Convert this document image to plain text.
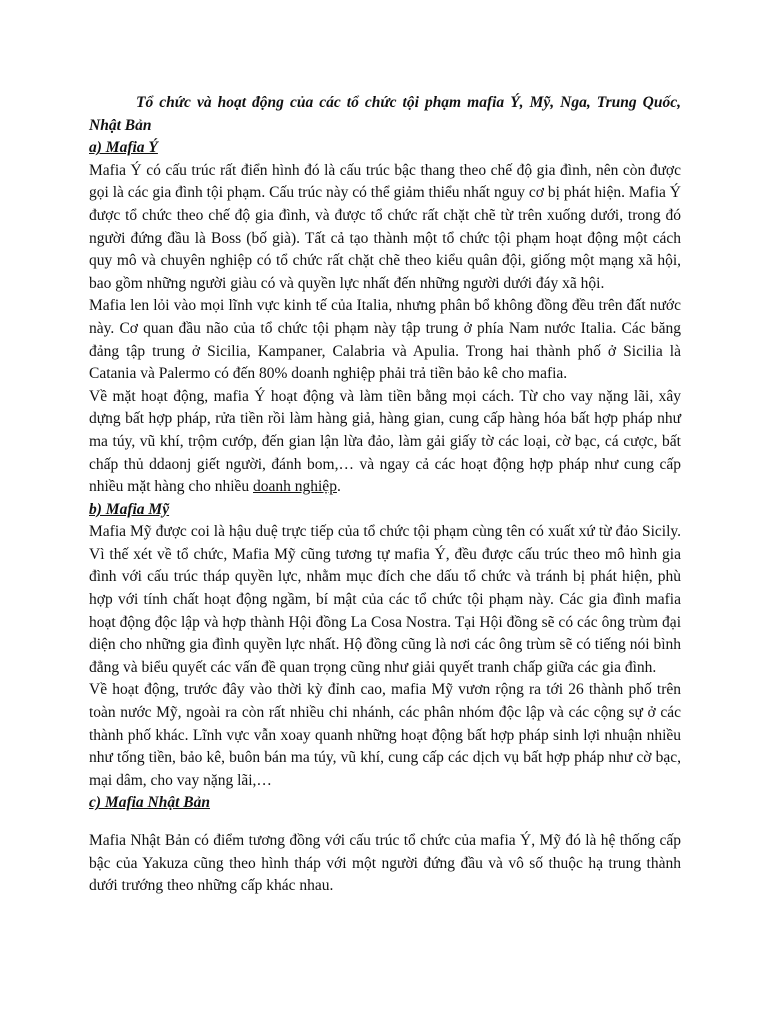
Tổ chức và hoạt động của các tổ chức tội phạm mafia Ý, Mỹ, Nga, Trung Quốc, Nhật Bản

a) Mafia Ý

Mafia Ý có cấu trúc rất điển hình đó là cấu trúc bậc thang theo chế độ gia đình, nên còn được gọi là các gia đình tội phạm. Cấu trúc này có thể giảm thiểu nhất nguy cơ bị phát hiện. Mafia Ý được tổ chức theo chế độ gia đình, và được tổ chức rất chặt chẽ từ trên xuống dưới, trong đó người đứng đầu là Boss (bố già). Tất cả tạo thành một tổ chức tội phạm hoạt động một cách quy mô và chuyên nghiệp có tổ chức rất chặt chẽ theo kiểu quân đội, giống một mạng xã hội, bao gồm những người giàu có và quyền lực nhất đến những người dưới đáy xã hội.

Mafia len lỏi vào mọi lĩnh vực kinh tế của Italia, nhưng phân bổ không đồng đều trên đất nước này. Cơ quan đầu não của tổ chức tội phạm này tập trung ở phía Nam nước Italia. Các băng đảng tập trung ở Sicilia, Kampaner, Calabria và Apulia. Trong hai thành phố ở Sicilia là Catania và Palermo có đến 80% doanh nghiệp phải trả tiền bảo kê cho mafia.

Về mặt hoạt động, mafia Ý hoạt động và làm tiền bằng mọi cách. Từ cho vay nặng lãi, xây dựng bất hợp pháp, rửa tiền rồi làm hàng giả, hàng gian, cung cấp hàng hóa bất hợp pháp như ma túy, vũ khí, trộm cướp, đến gian lận lừa đảo, làm gải giấy tờ các loại, cờ bạc, cá cược, bất chấp thủ ddaonj giết người, đánh bom,… và ngay cả các hoạt động hợp pháp như cung cấp nhiều mặt hàng cho nhiều doanh nghiệp.

b) Mafia Mỹ

Mafia Mỹ được coi là hậu duệ trực tiếp của tổ chức tội phạm cùng tên có xuất xứ từ đảo Sicily. Vì thế xét về tổ chức, Mafia Mỹ cũng tương tự mafia Ý, đều được cấu trúc theo mô hình gia đình với cấu trúc tháp quyền lực, nhằm mục đích che dấu tổ chức và tránh bị phát hiện, phù hợp với tính chất hoạt động ngầm, bí mật của các tổ chức tội phạm này. Các gia đình mafia hoạt động độc lập và hợp thành Hội đồng La Cosa Nostra. Tại Hội đồng sẽ có các ông trùm đại diện cho những gia đình quyền lực nhất. Hộ đồng cũng là nơi các ông trùm sẽ có tiếng nói bình đẳng và biểu quyết các vấn đề quan trọng cũng như giải quyết tranh chấp giữa các gia đình.

Về hoạt động, trước đây vào thời kỳ đỉnh cao, mafia Mỹ vươn rộng ra tới 26 thành phố trên toàn nước Mỹ, ngoài ra còn rất nhiều chi nhánh, các phân nhóm độc lập và các cộng sự ở các thành phố khác. Lĩnh vực vẫn xoay quanh những hoạt động bất hợp pháp sinh lợi nhuận nhiều như tống tiền, bảo kê, buôn bán ma túy, vũ khí, cung cấp các dịch vụ bất hợp pháp như cờ bạc, mại dâm, cho vay nặng lãi,…

c) Mafia Nhật Bản

Mafia Nhật Bản có điểm tương đồng với cấu trúc tổ chức của mafia Ý, Mỹ đó là hệ thống cấp bậc của Yakuza cũng theo hình tháp với một người đứng đầu và vô số thuộc hạ trung thành dưới trướng theo những cấp khác nhau.
